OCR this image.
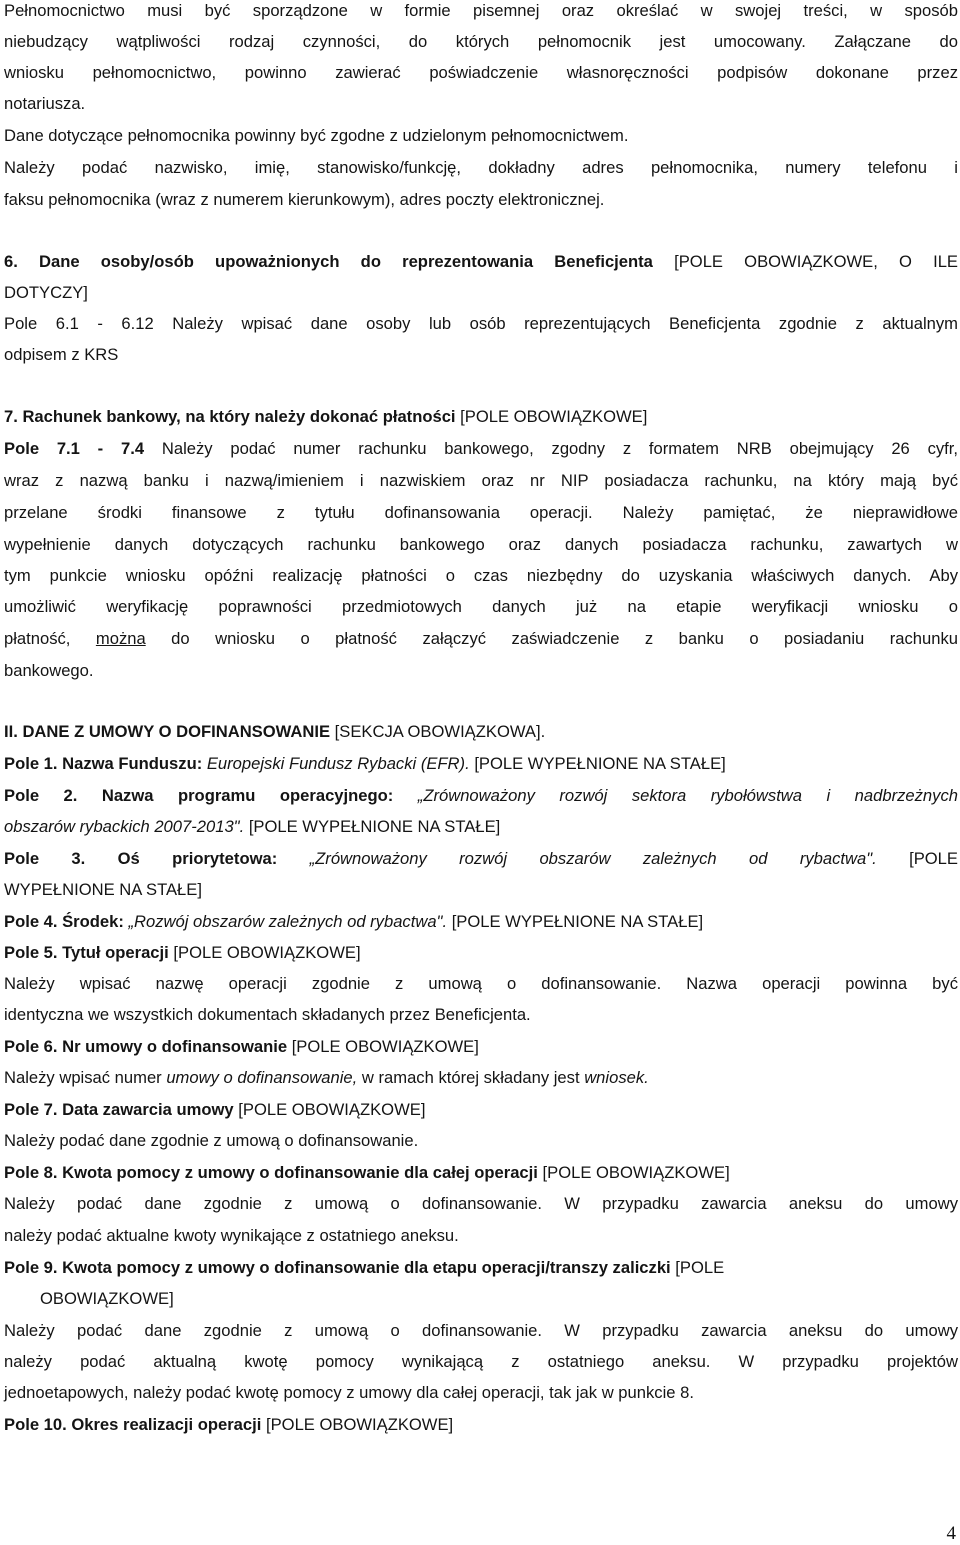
Pełnomocnictwo musi być sporządzone w formie pisemnej oraz określać w swojej treści, w sposób
niebudzący wątpliwości rodzaj czynności, do których pełnomocnik jest umocowany. Załączane do
wniosku pełnomocnictwo, powinno zawierać poświadczenie własnoręczności podpisów dokonane przez
notariusza.
Dane dotyczące pełnomocnika powinny być zgodne z udzielonym pełnomocnictwem.
Należy podać nazwisko, imię, stanowisko/funkcję, dokładny adres pełnomocnika, numery telefonu i
faksu pełnomocnika (wraz z numerem kierunkowym), adres poczty elektronicznej.
6. Dane osoby/osób upoważnionych do reprezentowania Beneficjenta [POLE OBOWIĄZKOWE, O ILE
DOTYCZY]
Pole 6.1 - 6.12 Należy wpisać dane osoby lub osób reprezentujących Beneficjenta zgodnie z aktualnym
odpisem z KRS
7. Rachunek bankowy, na który należy dokonać płatności [POLE OBOWIĄZKOWE]
Pole 7.1 - 7.4 Należy podać numer rachunku bankowego, zgodny z formatem NRB obejmujący 26 cyfr,
wraz z nazwą banku i nazwą/imieniem i nazwiskiem oraz nr NIP posiadacza rachunku, na który mają być
przelane środki finansowe z tytułu dofinansowania operacji. Należy pamiętać, że nieprawidłowe
wypełnienie danych dotyczących rachunku bankowego oraz danych posiadacza rachunku, zawartych w
tym punkcie wniosku opóźni realizację płatności o czas niezbędny do uzyskania właściwych danych. Aby
umożliwić weryfikację poprawności przedmiotowych danych już na etapie weryfikacji wniosku o
płatność, można do wniosku o płatność załączyć zaświadczenie z banku o posiadaniu rachunku
bankowego.
II. DANE Z UMOWY O DOFINANSOWANIE [SEKCJA OBOWIĄZKOWA].
Pole 1. Nazwa Funduszu: Europejski Fundusz Rybacki (EFR). [POLE WYPEŁNIONE NA STAŁE]
Pole 2. Nazwa programu operacyjnego: „Zrównoważony rozwój sektora rybołówstwa i nadbrzeżnych
obszarów rybackich 2007-2013". [POLE WYPEŁNIONE NA STAŁE]
Pole 3. Oś priorytetowa: „Zrównoważony rozwój obszarów zależnych od rybactwa". [POLE
WYPEŁNIONE NA STAŁE]
Pole 4. Środek: „Rozwój obszarów zależnych od rybactwa". [POLE WYPEŁNIONE NA STAŁE]
Pole 5. Tytuł operacji [POLE OBOWIĄZKOWE]
Należy wpisać nazwę operacji zgodnie z umową o dofinansowanie. Nazwa operacji powinna być
identyczna we wszystkich dokumentach składanych przez Beneficjenta.
Pole 6. Nr umowy o dofinansowanie [POLE OBOWIĄZKOWE]
Należy wpisać numer umowy o dofinansowanie, w ramach której składany jest wniosek.
Pole 7. Data zawarcia umowy [POLE OBOWIĄZKOWE]
Należy podać dane zgodnie z umową o dofinansowanie.
Pole 8. Kwota pomocy z umowy o dofinansowanie dla całej operacji [POLE OBOWIĄZKOWE]
Należy podać dane zgodnie z umową o dofinansowanie. W przypadku zawarcia aneksu do umowy
należy podać aktualne kwoty wynikające z ostatniego aneksu.
Pole 9. Kwota pomocy z umowy o dofinansowanie dla etapu operacji/transzy zaliczki [POLE
OBOWIĄZKOWE]
Należy podać dane zgodnie z umową o dofinansowanie. W przypadku zawarcia aneksu do umowy
należy podać aktualną kwotę pomocy wynikającą z ostatniego aneksu. W przypadku projektów
jednoetapowych, należy podać kwotę pomocy z umowy dla całej operacji, tak jak w punkcie 8.
Pole 10. Okres realizacji operacji [POLE OBOWIĄZKOWE]
4
